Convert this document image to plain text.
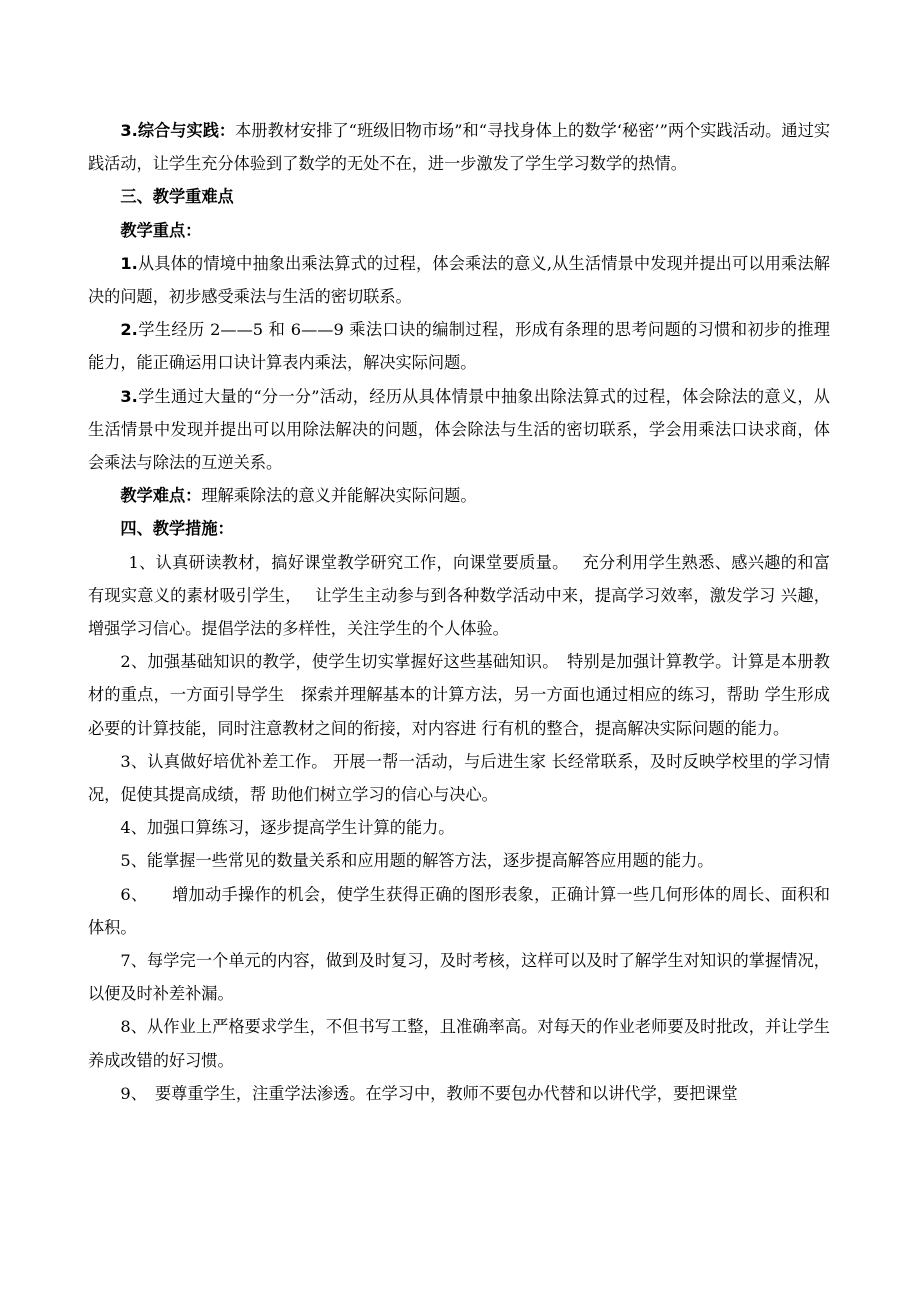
3.综合与实践：本册教材安排了“班级旧物市场”和“寻找身体上的数学‘秘密’”两个实践活动。通过实践活动，让学生充分体验到了数学的无处不在，进一步激发了学生学习数学的热情。

三、教学重难点

教学重点：

1.从具体的情境中抽象出乘法算式的过程，体会乘法的意义,从生活情景中发现并提出可以用乘法解决的问题，初步感受乘法与生活的密切联系。

2.学生经历 2——5 和 6——9 乘法口诀的编制过程，形成有条理的思考问题的习惯和初步的推理能力，能正确运用口诀计算表内乘法，解决实际问题。

3.学生通过大量的“分一分”活动，经历从具体情景中抽象出除法算式的过程，体会除法的意义，从生活情景中发现并提出可以用除法解决的问题，体会除法与生活的密切联系，学会用乘法口诀求商，体会乘法与除法的互逆关系。

教学难点：理解乘除法的意义并能解决实际问题。

四、教学措施：

1、认真研读教材，搞好课堂教学研究工作，向课堂要质量。　 充分利用学生熟悉、感兴趣的和富有现实意义的素材吸引学生，　 让学生主动参与到各种数学活动中来，提高学习效率，激发学习 兴趣，增强学习信心。提倡学法的多样性，关注学生的个人体验。

2、加强基础知识的教学，使学生切实掌握好这些基础知识。　特别是加强计算教学。计算是本册教材的重点，一方面引导学生　探索并理解基本的计算方法，另一方面也通过相应的练习，帮助 学生形成必要的计算技能，同时注意教材之间的衔接，对内容进 行有机的整合，提高解决实际问题的能力。

3、认真做好培优补差工作。 开展一帮一活动，与后进生家 长经常联系，及时反映学校里的学习情况，促使其提高成绩，帮 助他们树立学习的信心与决心。

4、加强口算练习，逐步提高学生计算的能力。

5、能掌握一些常见的数量关系和应用题的解答方法，逐步提高解答应用题的能力。

6、　　增加动手操作的机会，使学生获得正确的图形表象，正确计算一些几何形体的周长、面积和体积。

7、每学完一个单元的内容，做到及时复习，及时考核，这样可以及时了解学生对知识的掌握情况，以便及时补差补漏。

8、从作业上严格要求学生，不但书写工整，且准确率高。对每天的作业老师要及时批改，并让学生养成改错的好习惯。

9、　要尊重学生，注重学法渗透。在学习中，教师不要包办代替和以讲代学，要把课堂
